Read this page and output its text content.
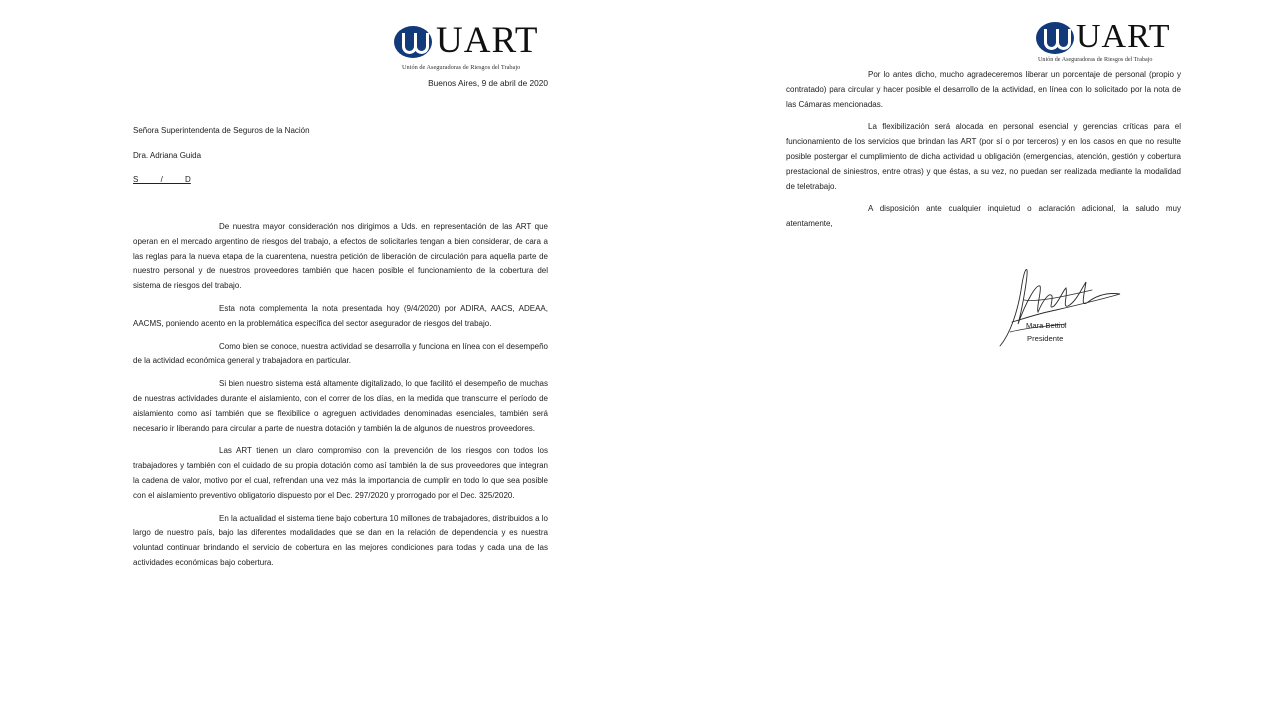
UART
Unión de Aseguradoras de Riesgos del Trabajo
Buenos Aires, 9 de abril de 2020
Señora Superintendenta de Seguros de la Nación
Dra. Adriana Guida
S          /          D

De nuestra mayor consideración nos dirigimos a Uds. en representación de las ART que operan en el mercado argentino de riesgos del trabajo, a efectos de solicitarles tengan a bien considerar, de cara a las reglas para la nueva etapa de la cuarentena, nuestra petición de liberación de circulación para aquella parte de nuestro personal y de nuestros proveedores también que hacen posible el funcionamiento de la cobertura del sistema de riesgos del trabajo.

Esta nota complementa la nota presentada hoy (9/4/2020) por ADIRA, AACS, ADEAA, AACMS, poniendo acento en la problemática específica del sector asegurador de riesgos del trabajo.

Como bien se conoce, nuestra actividad se desarrolla y funciona en línea con el desempeño de la actividad económica general y trabajadora en particular.

Si bien nuestro sistema está altamente digitalizado, lo que facilitó el desempeño de muchas de nuestras actividades durante el aislamiento, con el correr de los días, en la medida que transcurre el período de aislamiento como así también que se flexibilice o agreguen actividades denominadas esenciales, también será necesario ir liberando para circular a parte de nuestra dotación y también la de algunos de nuestros proveedores.

Las ART tienen un claro compromiso con la prevención de los riesgos con todos los trabajadores y también con el cuidado de su propia dotación como así también la de sus proveedores que integran la cadena de valor, motivo por el cual, refrendan una vez más la importancia de cumplir en todo lo que sea posible con el aislamiento preventivo obligatorio dispuesto por el Dec. 297/2020 y prorrogado por el Dec. 325/2020.

En la actualidad el sistema tiene bajo cobertura 10 millones de trabajadores, distribuidos a lo largo de nuestro país, bajo las diferentes modalidades que se dan en la relación de dependencia y es nuestra voluntad continuar brindando el servicio de cobertura en las mejores condiciones para todas y cada una de las actividades económicas bajo cobertura.

UART
Unión de Aseguradoras de Riesgos del Trabajo

Por lo antes dicho, mucho agradeceremos liberar un porcentaje de personal (propio y contratado) para circular y hacer posible el desarrollo de la actividad, en línea con lo solicitado por la nota de las Cámaras mencionadas.

La flexibilización será alocada en personal esencial y gerencias críticas para el funcionamiento de los servicios que brindan las ART (por sí o por terceros) y en los casos en que no resulte posible postergar el cumplimiento de dicha actividad u obligación (emergencias, atención, gestión y cobertura prestacional de siniestros, entre otras) y que éstas, a su vez, no puedan ser realizada mediante la modalidad de teletrabajo.

A disposición ante cualquier inquietud o aclaración adicional, la saludo muy atentamente,

Mara Bettiol
Presidente
